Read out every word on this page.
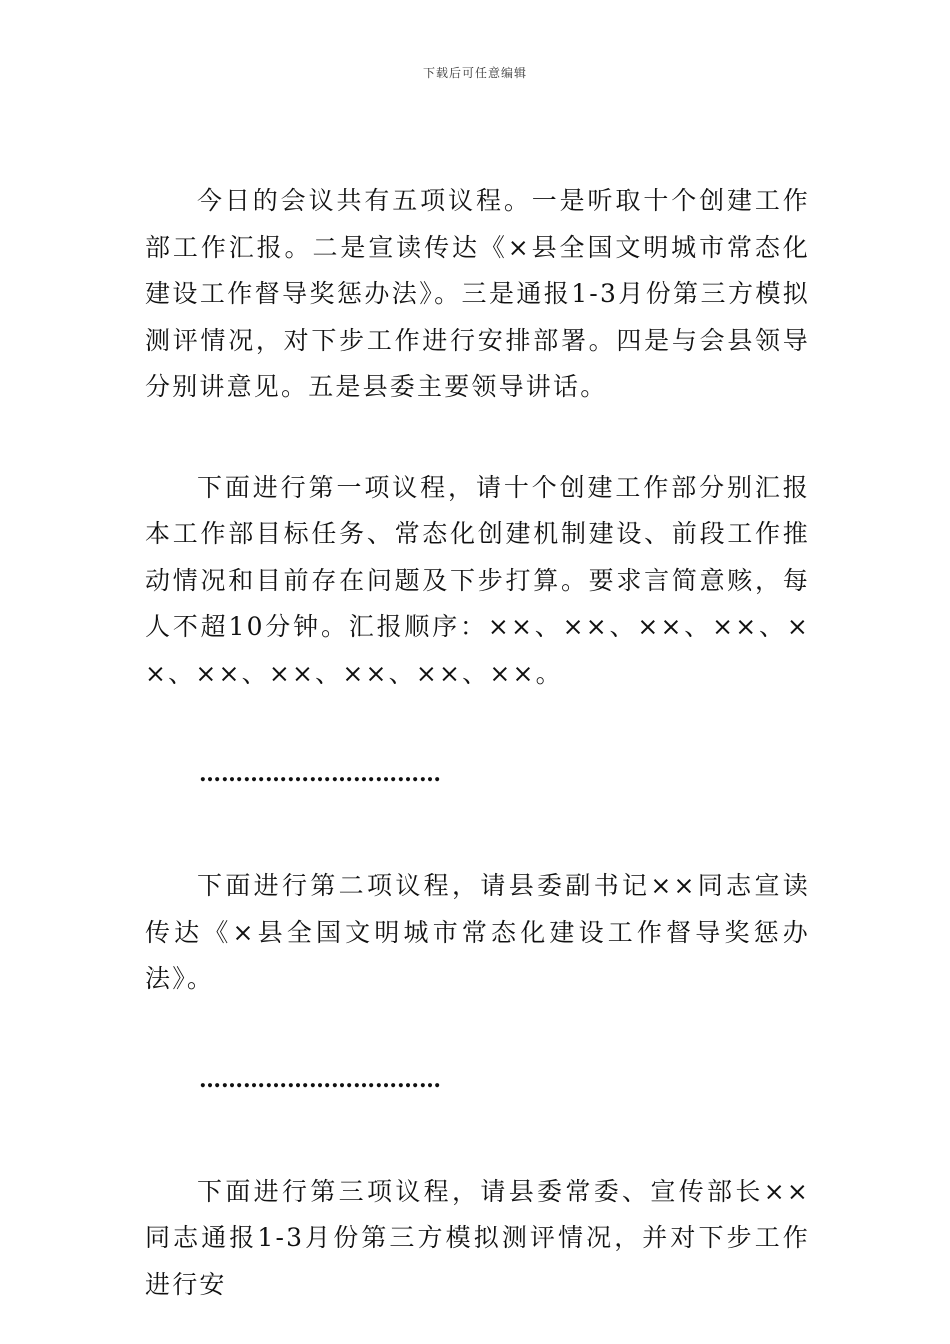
下载后可任意编辑

今日的会议共有五项议程。一是听取十个创建工作部工作汇报。二是宣读传达《×县全国文明城市常态化建设工作督导奖惩办法》。三是通报1-3月份第三方模拟测评情况，对下步工作进行安排部署。四是与会县领导分别讲意见。五是县委主要领导讲话。

下面进行第一项议程，请十个创建工作部分别汇报本工作部目标任务、常态化创建机制建设、前段工作推动情况和目前存在问题及下步打算。要求言简意赅，每人不超10分钟。汇报顺序：××、××、××、××、××、××、××、××、××、××。

……………………………

下面进行第二项议程，请县委副书记××同志宣读传达《×县全国文明城市常态化建设工作督导奖惩办法》。

……………………………

下面进行第三项议程，请县委常委、宣传部长××同志通报1-3月份第三方模拟测评情况，并对下步工作进行安
